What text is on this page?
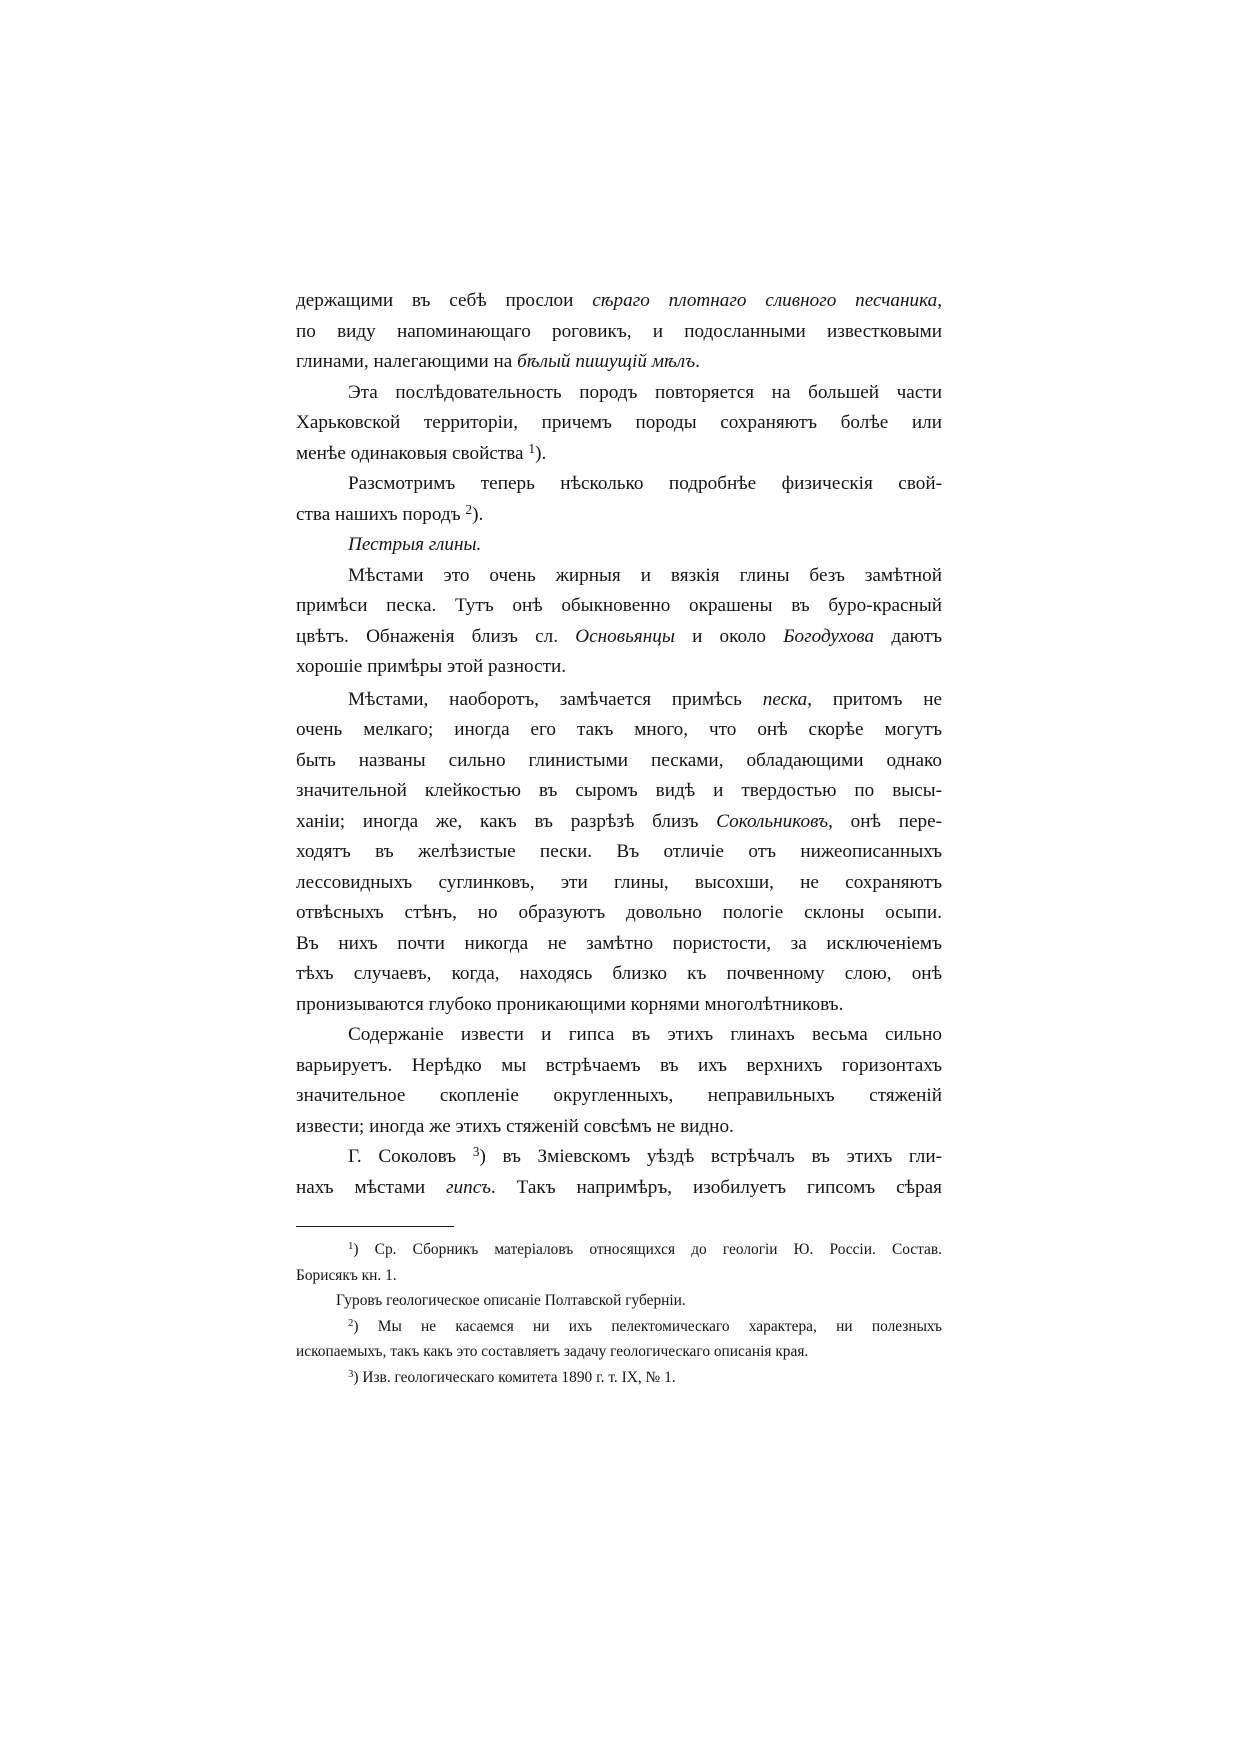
держащими въ себѣ прослои сѣраго плотнаго сливного песчаника,
по виду напоминающаго роговикъ, и подосланными известковыми
глинами, налегающими на бѣлый пишущій мѣлъ.
Эта послѣдовательность породъ повторяется на большей части
Харьковской территоріи, причемъ породы сохраняютъ болѣе или
менѣе одинаковыя свойства $^1$).
Разсмотримъ теперь нѣсколько подробнѣе физическія свой-
ства нашихъ породъ $^2$).
Пестрыя глины.
Мѣстами это очень жирныя и вязкія глины безъ замѣтной
примѣси песка. Тутъ онѣ обыкновенно окрашены въ буро-красный
цвѣтъ. Обнаженія близъ сл. Основьянцы и около Богодухова даютъ
хорошіе примѣры этой разности.
Мѣстами, наоборотъ, замѣчается примѣсь песка, притомъ не
очень мелкаго; иногда его такъ много, что онѣ скорѣе могутъ
быть названы сильно глинистыми песками, обладающими однако
значительной клейкостью въ сыромъ видѣ и твердостью по высы-
ханіи; иногда же, какъ въ разрѣзѣ близъ Сокольниковъ, онѣ пере-
ходятъ въ желѣзистые пески. Въ отличіе отъ нижеописанныхъ
лессовидныхъ суглинковъ, эти глины, высохши, не сохраняютъ
отвѣсныхъ стѣнъ, но образуютъ довольно пологіе склоны осыпи.
Въ нихъ почти никогда не замѣтно пористости, за исключеніемъ
тѣхъ случаевъ, когда, находясь близко къ почвенному слою, онѣ
пронизываются глубоко проникающими корнями многолѣтниковъ.
Содержаніе извести и гипса въ этихъ глинахъ весьма сильно
варьируетъ. Нерѣдко мы встрѣчаемъ въ ихъ верхнихъ горизонтахъ
значительное скопленіе округленныхъ, неправильныхъ стяженій
извести; иногда же этихъ стяженій совсѣмъ не видно.
Г. Соколовъ $^3$) въ Зміевскомъ уѣздѣ встрѣчалъ въ этихъ гли-
нахъ мѣстами гипсъ. Такъ напримѣръ, изобилуетъ гипсомъ сѣрая
$^1$) Ср. Сборникъ матеріаловъ относящихся до геологіи Ю. Россіи. Состав.
Борисякъ кн. 1.
Гуровъ геологическое описаніе Полтавской губерніи.
$^2$) Мы не касаемся ни ихъ пелектомическаго характера, ни полезныхъ
ископаемыхъ, такъ какъ это составляетъ задачу геологическаго описанія края.
$^3$) Изв. геологическаго комитета 1890 г. т. IX, № 1.
